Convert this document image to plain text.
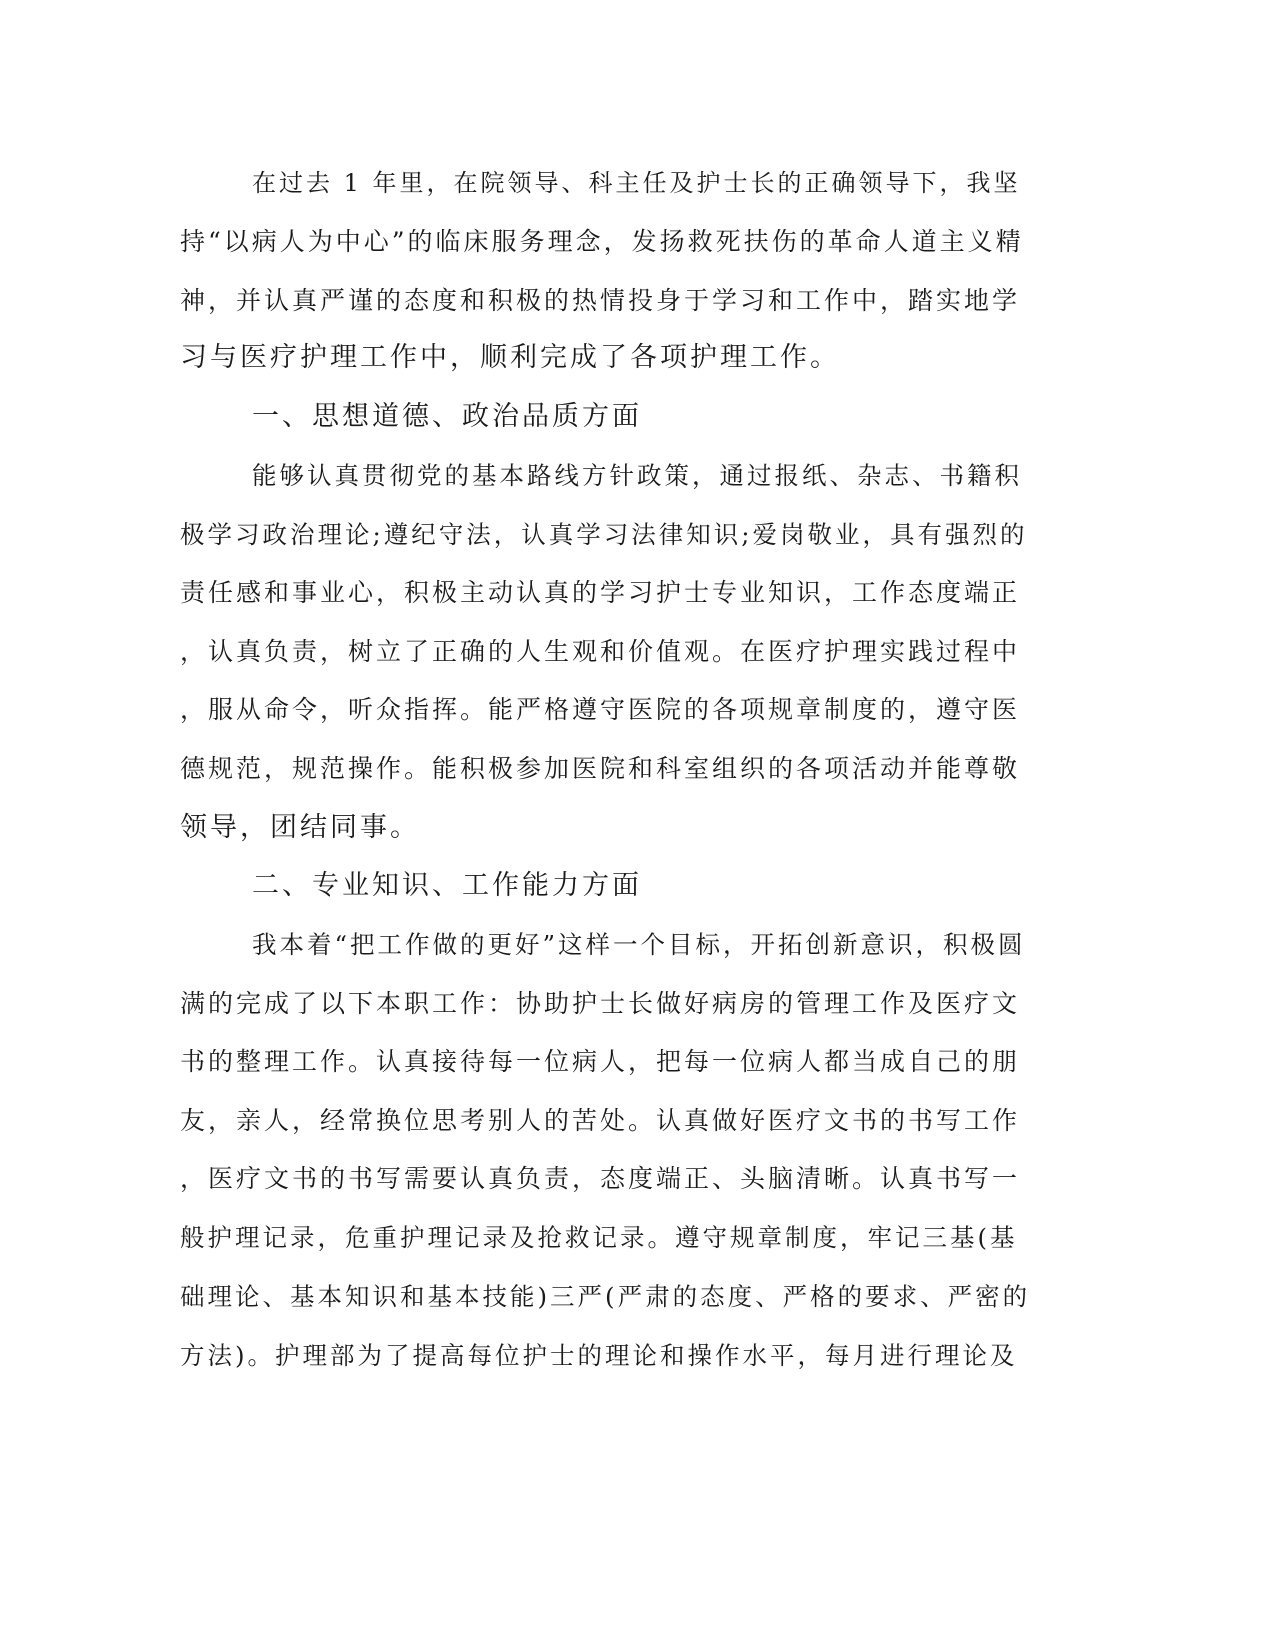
在过去 1 年里，在院领导、科主任及护士长的正确领导下，我坚
持“以病人为中心”的临床服务理念，发扬救死扶伤的革命人道主义精
神，并认真严谨的态度和积极的热情投身于学习和工作中，踏实地学
习与医疗护理工作中，顺利完成了各项护理工作。
一、思想道德、政治品质方面
能够认真贯彻党的基本路线方针政策，通过报纸、杂志、书籍积
极学习政治理论;遵纪守法，认真学习法律知识;爱岗敬业，具有强烈的
责任感和事业心，积极主动认真的学习护士专业知识，工作态度端正
，认真负责，树立了正确的人生观和价值观。在医疗护理实践过程中
，服从命令，听众指挥。能严格遵守医院的各项规章制度的，遵守医
德规范，规范操作。能积极参加医院和科室组织的各项活动并能尊敬
领导，团结同事。
二、专业知识、工作能力方面
我本着“把工作做的更好”这样一个目标，开拓创新意识，积极圆
满的完成了以下本职工作：协助护士长做好病房的管理工作及医疗文
书的整理工作。认真接待每一位病人，把每一位病人都当成自己的朋
友，亲人，经常换位思考别人的苦处。认真做好医疗文书的书写工作
，医疗文书的书写需要认真负责，态度端正、头脑清晰。认真书写一
般护理记录，危重护理记录及抢救记录。遵守规章制度，牢记三基(基
础理论、基本知识和基本技能)三严(严肃的态度、严格的要求、严密的
方法)。护理部为了提高每位护士的理论和操作水平，每月进行理论及
